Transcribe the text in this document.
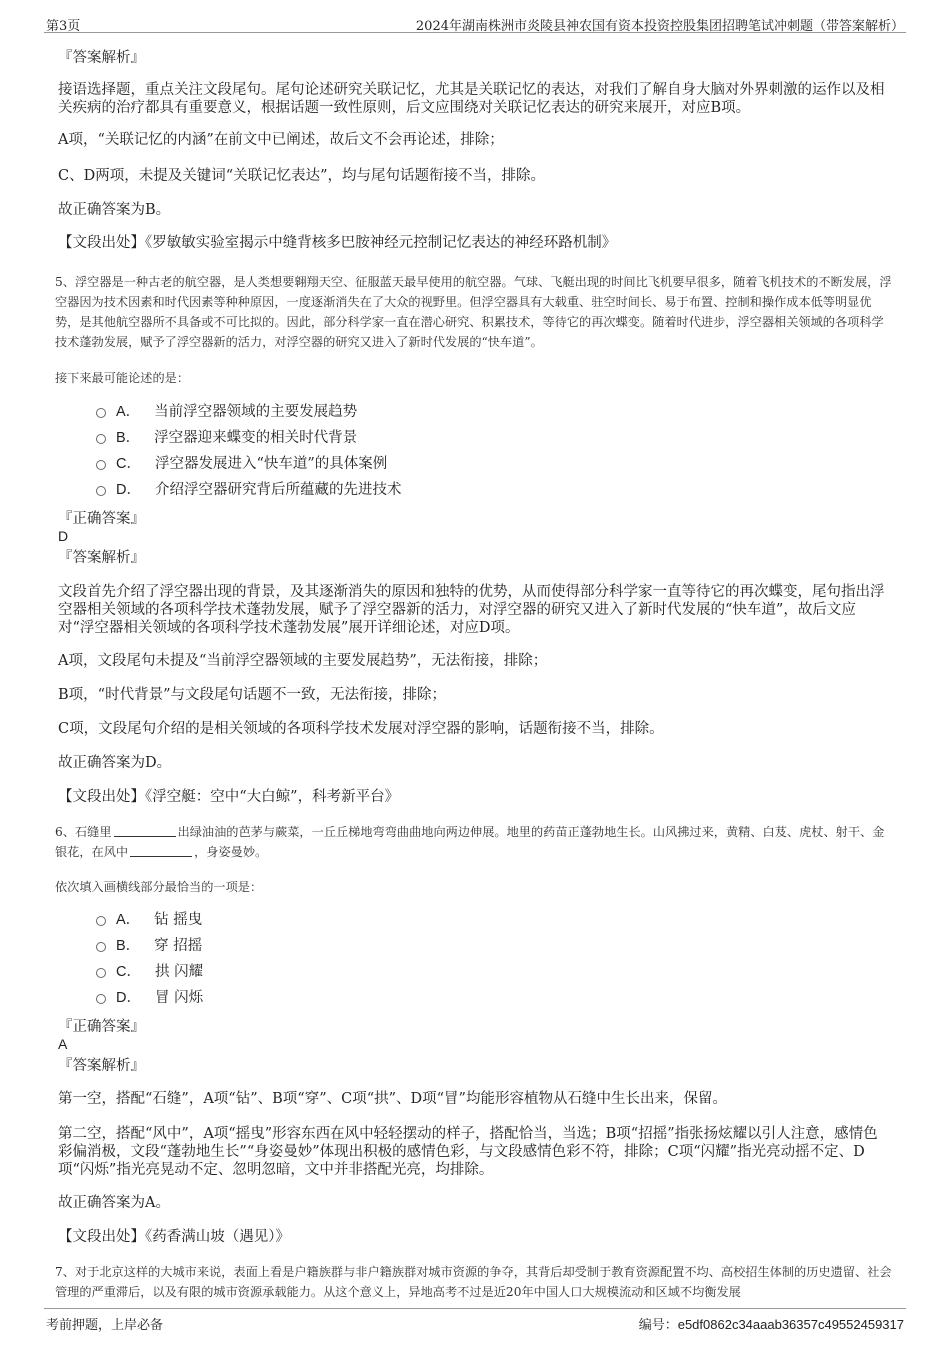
第3页	2024年湖南株洲市炎陵县神农国有资本投资控股集团招聘笔试冲刺题（带答案解析）
『答案解析』
接语选择题，重点关注文段尾句。尾句论述研究关联记忆，尤其是关联记忆的表达，对我们了解自身大脑对外界刺激的运作以及相关疾病的治疗都具有重要意义，根据话题一致性原则，后文应围绕对关联记忆表达的研究来展开，对应B项。
A项，“关联记忆的内涵”在前文中已阐述，故后文不会再论述，排除；
C、D两项，未提及关键词“关联记忆表达”，均与尾句话题衔接不当，排除。
故正确答案为B。
【文段出处】《罗敏敏实验室揭示中缝背核多巴胺神经元控制记忆表达的神经环路机制》
5、浮空器是一种古老的航空器，是人类想要翱翔天空、征服蓝天最早使用的航空器。气球、飞艇出现的时间比飞机要早很多，随着飞机技术的不断发展，浮空器因为技术因素和时代因素等种种原因，一度逐渐消失在了大众的视野里。但浮空器具有大载重、驻空时间长、易于布置、控制和操作成本低等明显优势，是其他航空器所不具备或不可比拟的。因此，部分科学家一直在潜心研究、积累技术，等待它的再次蝶变。随着时代进步，浮空器相关领域的各项科学技术蓬勃发展，赋予了浮空器新的活力，对浮空器的研究又进入了新时代发展的“快车道”。
接下来最可能论述的是：
A． 当前浮空器领域的主要发展趋势
B． 浮空器迎来蝶变的相关时代背景
C． 浮空器发展进入“快车道”的具体案例
D． 介绍浮空器研究背后所蕴藏的先进技术
『正确答案』
D
『答案解析』
文段首先介绍了浮空器出现的背景，及其逐渐消失的原因和独特的优势，从而使得部分科学家一直等待它的再次蝶变，尾句指出浮空器相关领域的各项科学技术蓬勃发展，赋予了浮空器新的活力，对浮空器的研究又进入了新时代发展的“快车道”，故后文应对“浮空器相关领域的各项科学技术蓬勃发展”展开详细论述，对应D项。
A项，文段尾句未提及“当前浮空器领域的主要发展趋势”，无法衔接，排除；
B项，“时代背景”与文段尾句话题不一致，无法衔接，排除；
C项，文段尾句介绍的是相关领域的各项科学技术发展对浮空器的影响，话题衔接不当，排除。
故正确答案为D。
【文段出处】《浮空艇：空中“大白鲸”，科考新平台》
6、石缝里	出绿油油的芭茅与蕨菜，一丘丘梯地弯弯曲曲地向两边伸展。地里的药苗正蓬勃地生长。山风拂过来，黄精、白芨、虎杖、射干、金银花，在风中	，身姿曼妙。
依次填入画横线部分最恰当的一项是：
A． 钻 摇曳
B． 穿 招摇
C． 拱 闪耀
D． 冒 闪烁
『正确答案』
A
『答案解析』
第一空，搭配“石缝”，A项“钻”、B项“穿”、C项“拱”、D项“冒”均能形容植物从石缝中生长出来，保留。
第二空，搭配“风中”，A项“摇曳”形容东西在风中轻轻摆动的样子，搭配恰当，当选；B项“招摇”指张扬炫耀以引人注意，感情色彩偏消极，文段“蓬勃地生长”“身姿曼妙”体现出积极的感情色彩，与文段感情色彩不符，排除；C项“闪耀”指光亮动摇不定、D项“闪烁”指光亮晃动不定、忽明忽暗，文中并非搭配光亮，均排除。
故正确答案为A。
【文段出处】《药香满山坡（遇见）》
7、对于北京这样的大城市来说，表面上看是户籍族群与非户籍族群对城市资源的争夺，其背后却受制于教育资源配置不均、高校招生体制的历史遗留、社会管理的严重滞后，以及有限的城市资源承载能力。从这个意义上，异地高考不过是近20年中国人口大规模流动和区域不均衡发展
考前押题，上岸必备	编号：e5df0862c34aaab36357c49552459317
